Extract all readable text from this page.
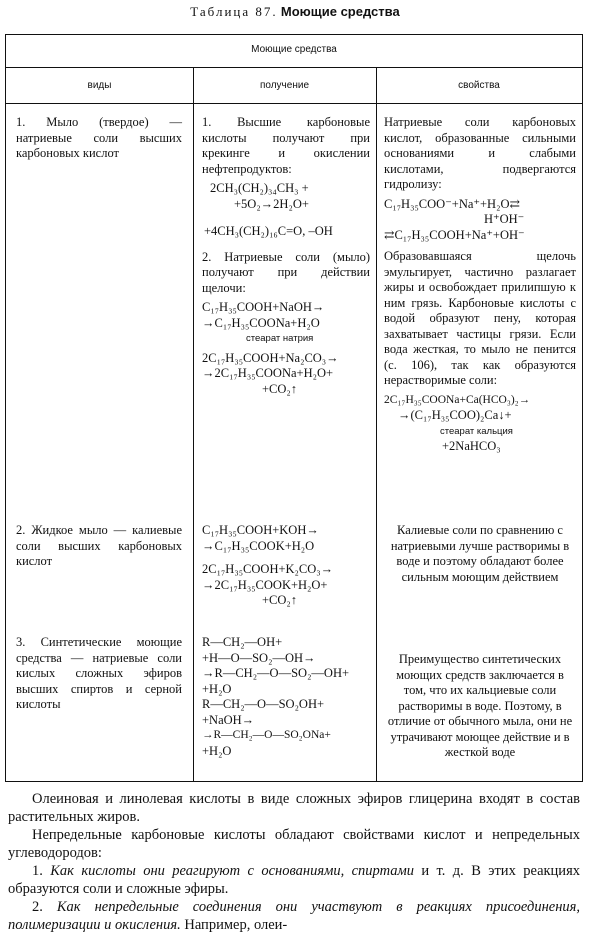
Таблица 87. Моющие средства
Моющие средства
виды	получение	свойства
1. Мыло (твердое) — натриевые соли высших карбоновых кислот

1. Высшие карбоновые кислоты получают при крекинге и окислении нефтепродуктов:

2CH₃(CH₂)₃₄CH₃ +
+5O₂→2H₂O+
+4CH₃(CH₂)₁₆C=O, –OH

2. Натриевые соли (мыло) получают при действии щелочи:

C₁₇H₃₅COOH+NaOH→
→C₁₇H₃₅COONa+H₂O
стеарат натрия
2C₁₇H₃₅COOH+Na₂CO₃→
→2C₁₇H₃₅COONa+H₂O+
+CO₂↑

Натриевые соли карбоновых кислот, образованные сильными основаниями и слабыми кислотами, подвергаются гидролизу:

C₁₇H₃₅COO⁻+Na⁺+H₂O⇄
H⁺OH⁻
⇄C₁₇H₃₅COOH+Na⁺+OH⁻

Образовавшаяся щелочь эмульгирует, частично разлагает жиры и освобождает прилипшую к ним грязь. Карбоновые кислоты с водой образуют пену, которая захватывает частицы грязи. Если вода жесткая, то мыло не пенится (с. 106), так как образуются нерастворимые соли:

2C₁₇H₃₅COONa+Ca(HCO₃)₂→
→(C₁₇H₃₅COO)₂Ca↓+
стеарат кальция
+2NaHCO₃
2. Жидкое мыло — калиевые соли высших карбоновых кислот
C₁₇H₃₅COOH+KOH→
→C₁₇H₃₅COOK+H₂O
2C₁₇H₃₅COOH+K₂CO₃→
→2C₁₇H₃₅COOK+H₂O+
+CO₂↑
Калиевые соли по сравнению с натриевыми лучше растворимы в воде и поэтому обладают более сильным моющим действием
3. Синтетические моющие средства — натриевые соли кислых сложных эфиров высших спиртов и серной кислоты
R—CH₂—OH+
+H—O—SO₂—OH→
→R—CH₂—O—SO₂—OH+
+H₂O
R—CH₂—O—SO₂OH+
+NaOH→
→R—CH₂—O—SO₂ONa+
+H₂O
Преимущество синтетических моющих средств заключается в том, что их кальциевые соли растворимы в воде. Поэтому, в отличие от обычного мыла, они не утрачивают моющее действие и в жесткой воде

Олеиновая и линолевая кислоты в виде сложных эфиров глицерина входят в состав растительных жиров.

Непредельные карбоновые кислоты обладают свойствами кислот и непредельных углеводородов:

1. Как кислоты они реагируют с основаниями, спиртами и т. д. В этих реакциях образуются соли и сложные эфиры.

2. Как непредельные соединения они участвуют в реакциях присоединения, полимеризации и окисления. Например, олеи-
